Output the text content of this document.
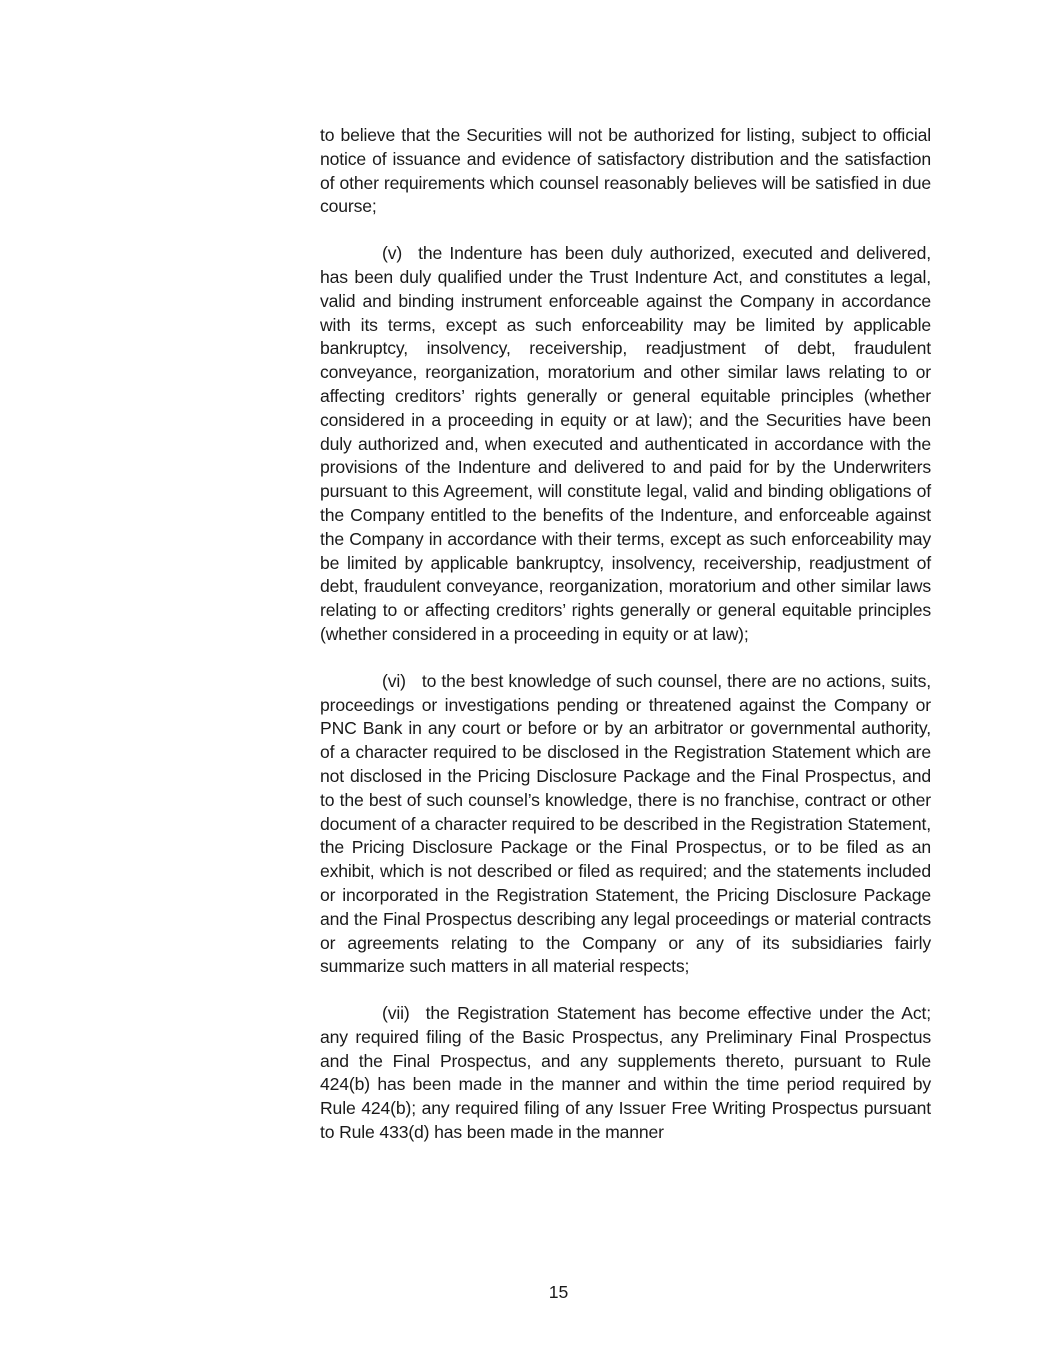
to believe that the Securities will not be authorized for listing, subject to official notice of issuance and evidence of satisfactory distribution and the satisfaction of other requirements which counsel reasonably believes will be satisfied in due course;

(v) the Indenture has been duly authorized, executed and delivered, has been duly qualified under the Trust Indenture Act, and constitutes a legal, valid and binding instrument enforceable against the Company in accordance with its terms, except as such enforceability may be limited by applicable bankruptcy, insolvency, receivership, readjustment of debt, fraudulent conveyance, reorganization, moratorium and other similar laws relating to or affecting creditors’ rights generally or general equitable principles (whether considered in a proceeding in equity or at law); and the Securities have been duly authorized and, when executed and authenticated in accordance with the provisions of the Indenture and delivered to and paid for by the Underwriters pursuant to this Agreement, will constitute legal, valid and binding obligations of the Company entitled to the benefits of the Indenture, and enforceable against the Company in accordance with their terms, except as such enforceability may be limited by applicable bankruptcy, insolvency, receivership, readjustment of debt, fraudulent conveyance, reorganization, moratorium and other similar laws relating to or affecting creditors’ rights generally or general equitable principles (whether considered in a proceeding in equity or at law);

(vi) to the best knowledge of such counsel, there are no actions, suits, proceedings or investigations pending or threatened against the Company or PNC Bank in any court or before or by an arbitrator or governmental authority, of a character required to be disclosed in the Registration Statement which are not disclosed in the Pricing Disclosure Package and the Final Prospectus, and to the best of such counsel’s knowledge, there is no franchise, contract or other document of a character required to be described in the Registration Statement, the Pricing Disclosure Package or the Final Prospectus, or to be filed as an exhibit, which is not described or filed as required; and the statements included or incorporated in the Registration Statement, the Pricing Disclosure Package and the Final Prospectus describing any legal proceedings or material contracts or agreements relating to the Company or any of its subsidiaries fairly summarize such matters in all material respects;

(vii) the Registration Statement has become effective under the Act; any required filing of the Basic Prospectus, any Preliminary Final Prospectus and the Final Prospectus, and any supplements thereto, pursuant to Rule 424(b) has been made in the manner and within the time period required by Rule 424(b); any required filing of any Issuer Free Writing Prospectus pursuant to Rule 433(d) has been made in the manner

15
